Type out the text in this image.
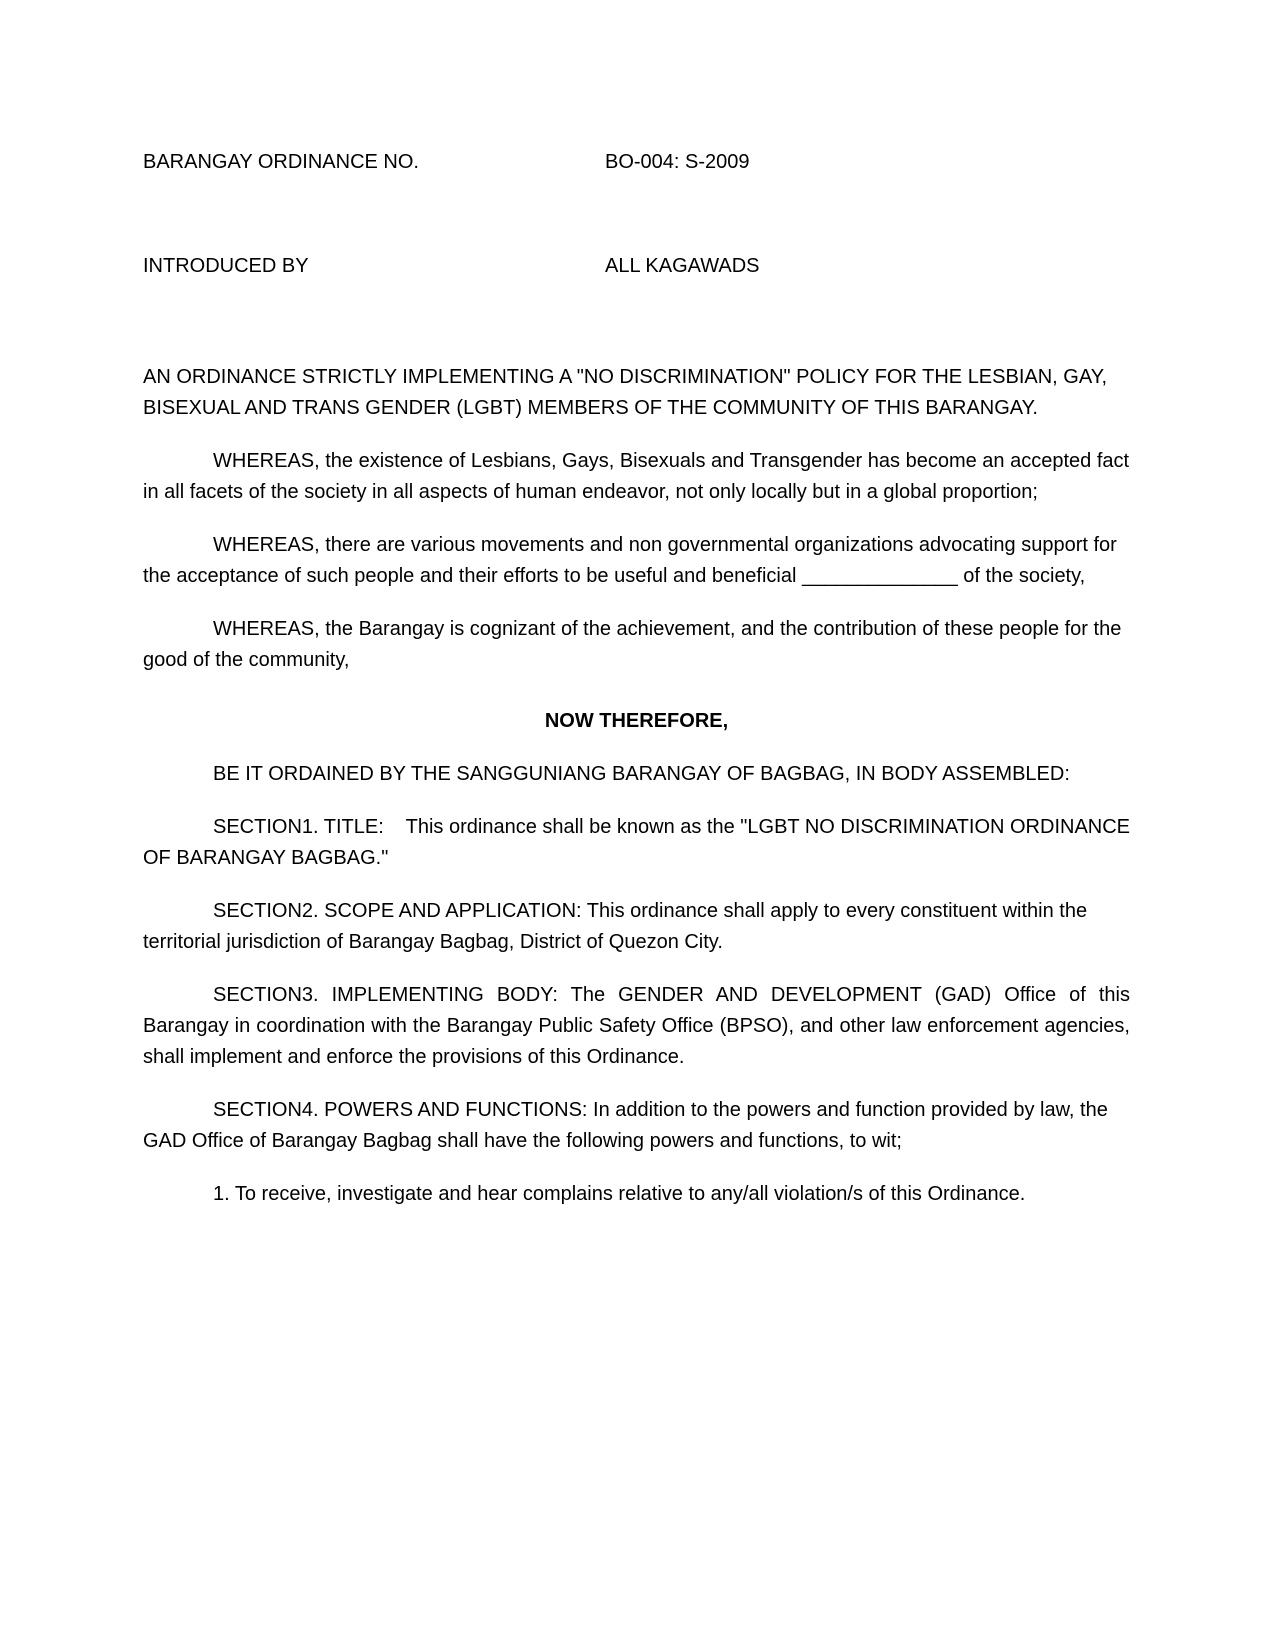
BARANGAY ORDINANCE NO.	BO-004: S-2009
INTRODUCED BY	ALL KAGAWADS

AN ORDINANCE STRICTLY IMPLEMENTING A "NO DISCRIMINATION" POLICY FOR THE LESBIAN, GAY, BISEXUAL AND TRANS GENDER (LGBT) MEMBERS OF THE COMMUNITY OF THIS BARANGAY.

WHEREAS, the existence of Lesbians, Gays, Bisexuals and Transgender has become an accepted fact in all facets of the society in all aspects of human endeavor, not only locally but in a global proportion;

WHEREAS, there are various movements and non governmental organizations advocating support for the acceptance of such people and their efforts to be useful and beneficial ______________ of the society,

WHEREAS, the Barangay is cognizant of the achievement, and the contribution of these people for the good of the community,

NOW THEREFORE,

BE IT ORDAINED BY THE SANGGUNIANG BARANGAY OF BAGBAG, IN BODY ASSEMBLED:

SECTION1. TITLE:    This ordinance shall be known as the "LGBT NO DISCRIMINATION ORDINANCE OF BARANGAY BAGBAG."

SECTION2. SCOPE AND APPLICATION: This ordinance shall apply to every constituent within the territorial jurisdiction of Barangay Bagbag, District of Quezon City.

SECTION3. IMPLEMENTING BODY: The GENDER AND DEVELOPMENT (GAD) Office of this Barangay in coordination with the Barangay Public Safety Office (BPSO), and other law enforcement agencies, shall implement and enforce the provisions of this Ordinance.

SECTION4. POWERS AND FUNCTIONS: In addition to the powers and function provided by law, the GAD Office of Barangay Bagbag shall have the following powers and functions, to wit;

1. To receive, investigate and hear complains relative to any/all violation/s of this Ordinance.
